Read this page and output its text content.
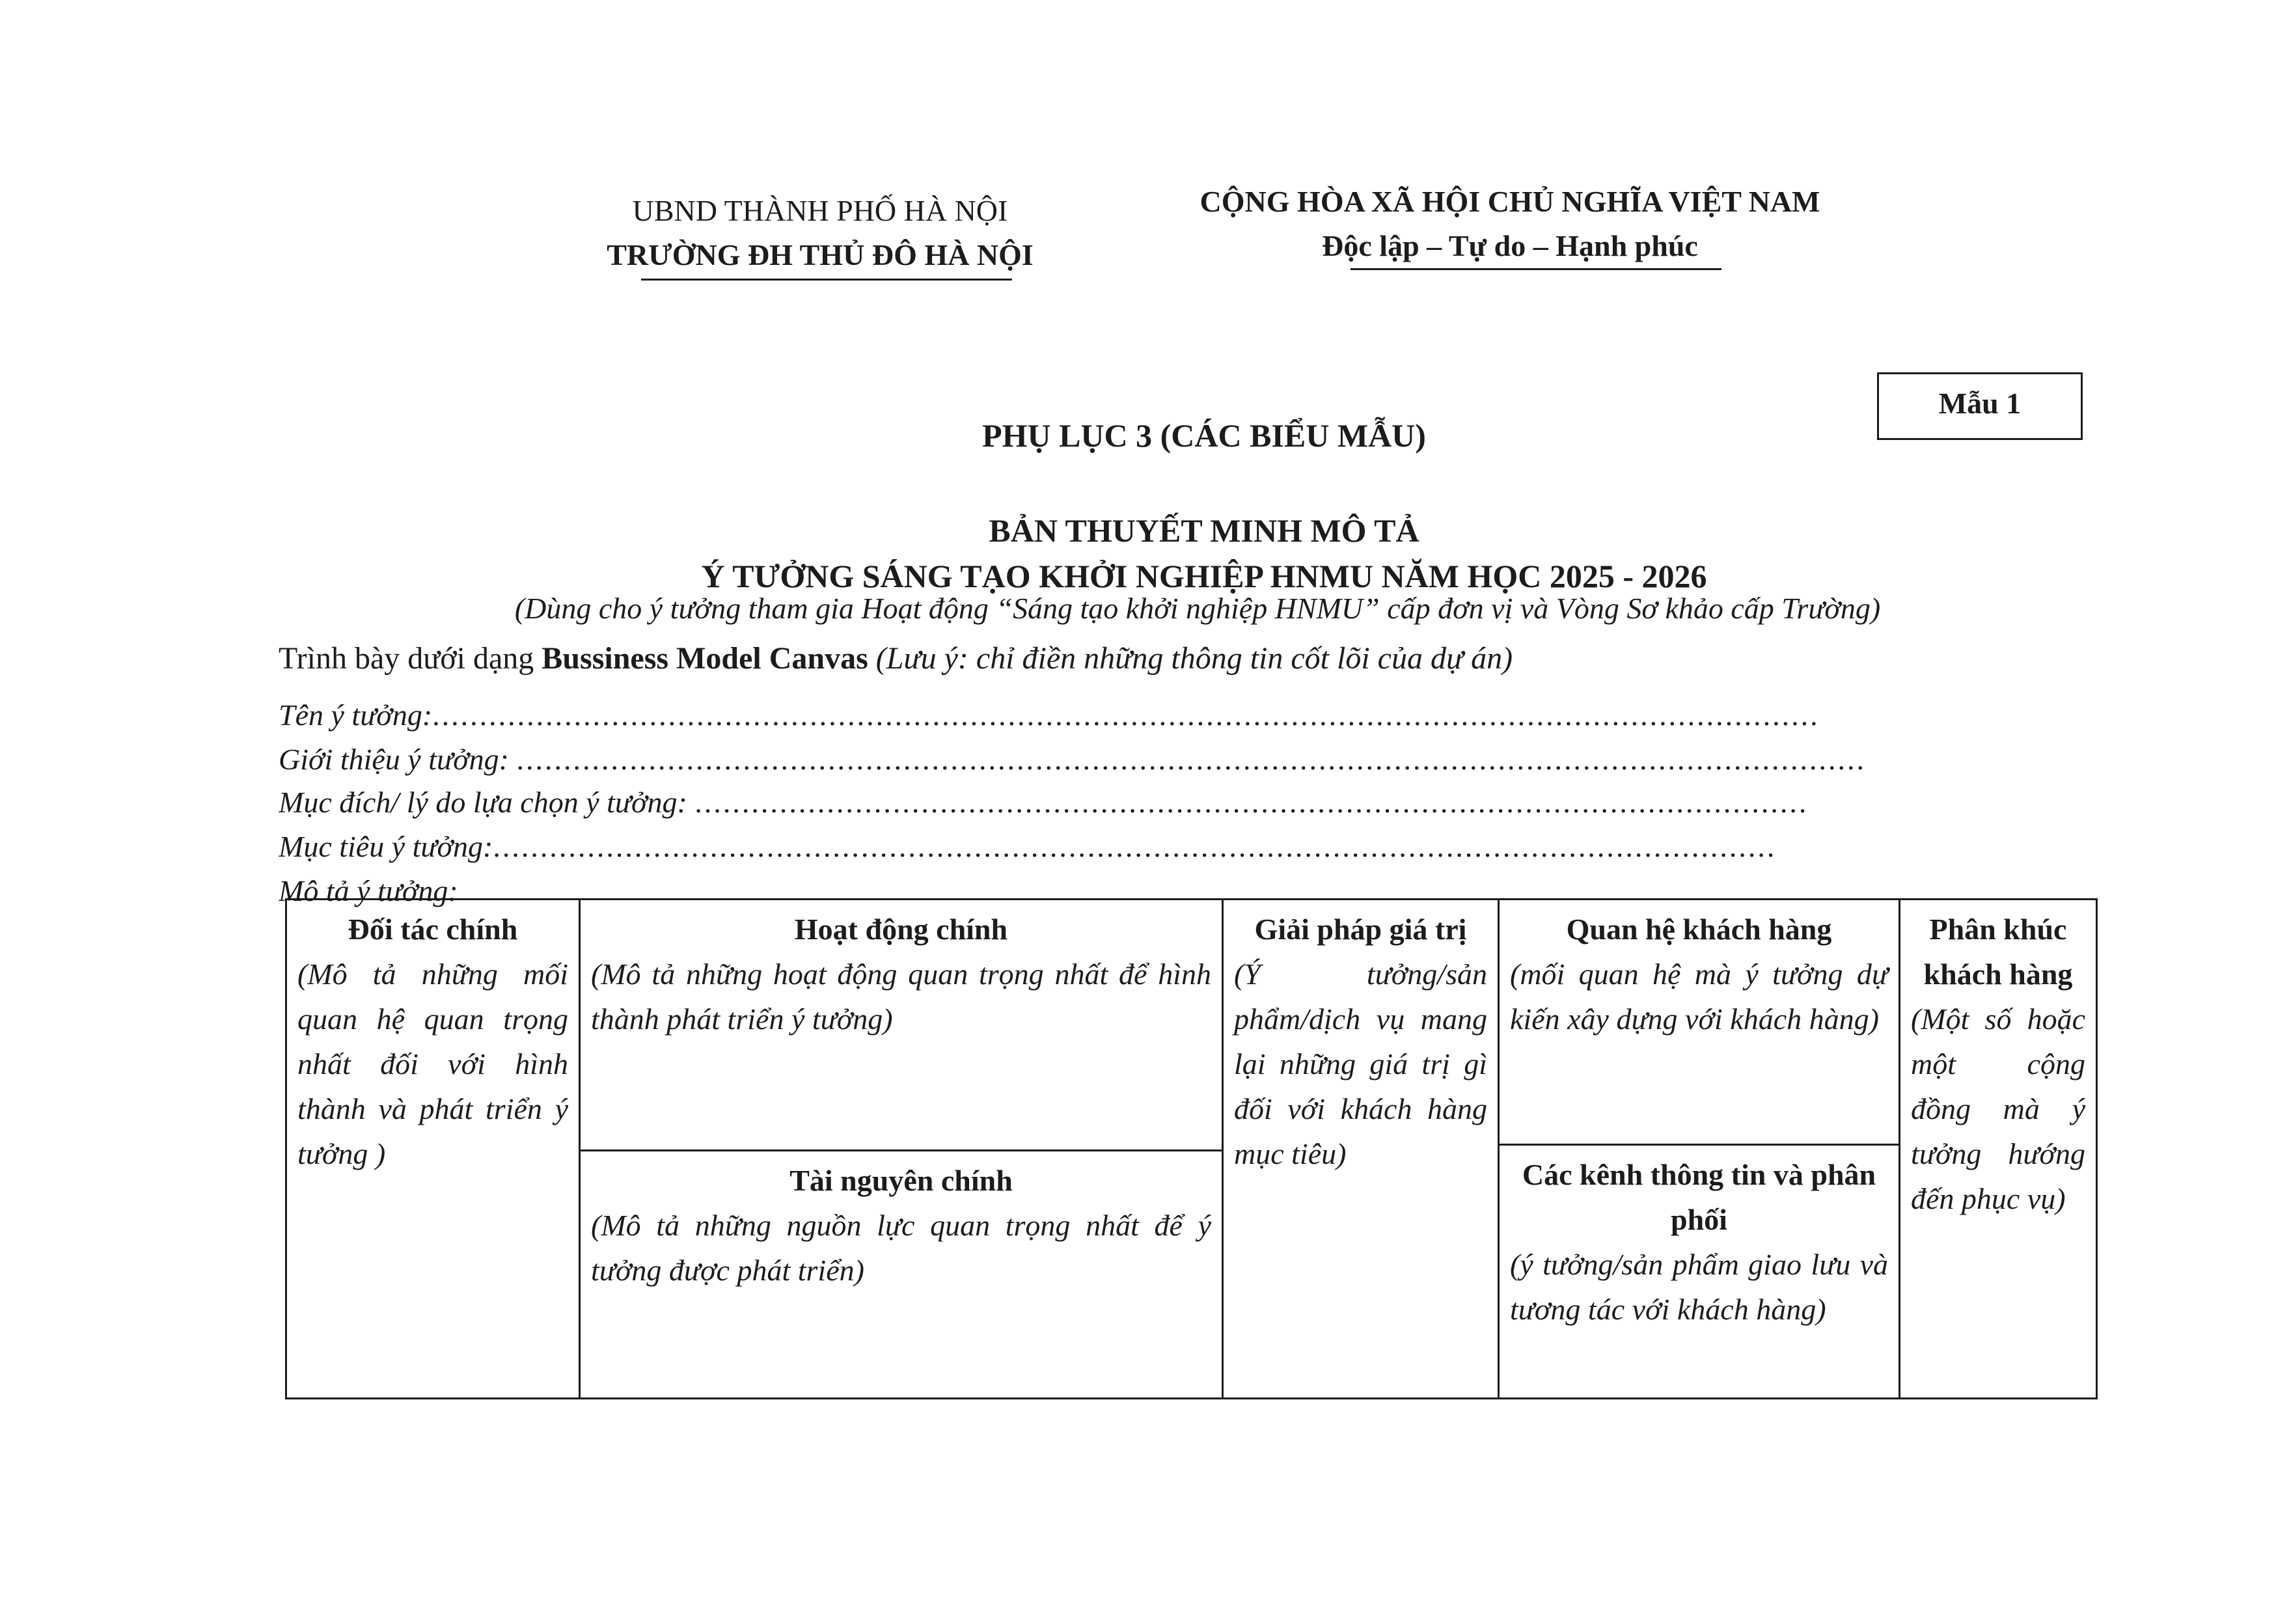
UBND THÀNH PHỐ HÀ NỘI
TRƯỜNG ĐH THỦ ĐÔ HÀ NỘI
CỘNG HÒA XÃ HỘI CHỦ NGHĨA VIỆT NAM
Độc lập – Tự do – Hạnh phúc
Mẫu 1
PHỤ LỤC 3 (CÁC BIỂU MẪU)
BẢN THUYẾT MINH MÔ TẢ
Ý TƯỞNG SÁNG TẠO KHỞI NGHIỆP HNMU NĂM HỌC 2025 - 2026
(Dùng cho ý tưởng tham gia Hoạt động “Sáng tạo khởi nghiệp HNMU” cấp đơn vị và Vòng Sơ khảo cấp Trường)
Trình bày dưới dạng Bussiness Model Canvas (Lưu ý: chỉ điền những thông tin cốt lõi của dự án)
Tên ý tưởng:...................................................................................................................................................
Giới thiệu ý tưởng: ...............................................................................................................................................
Mục đích/ lý do lựa chọn ý tưởng: ......................................................................................................................
Mục tiêu ý tưởng:........................................................................................................................................
Mô tả ý tưởng:
Đối tác chính
(Mô tả những mối quan hệ quan trọng nhất đối với hình thành và phát triển ý tưởng )
Hoạt động chính
(Mô tả những hoạt động quan trọng nhất để hình thành phát triển ý tưởng)
Tài nguyên chính
(Mô tả những nguồn lực quan trọng nhất để ý tưởng được phát triển)
Giải pháp giá trị
(Ý tưởng/sản phẩm/dịch vụ mang lại những giá trị gì đối với khách hàng mục tiêu)
Quan hệ khách hàng
(mối quan hệ mà ý tưởng dự kiến xây dựng với khách hàng)
Các kênh thông tin và phân phối
(ý tưởng/sản phẩm giao lưu và tương tác với khách hàng)
Phân khúc khách hàng
(Một số hoặc một cộng đồng mà ý tưởng hướng đến phục vụ)
